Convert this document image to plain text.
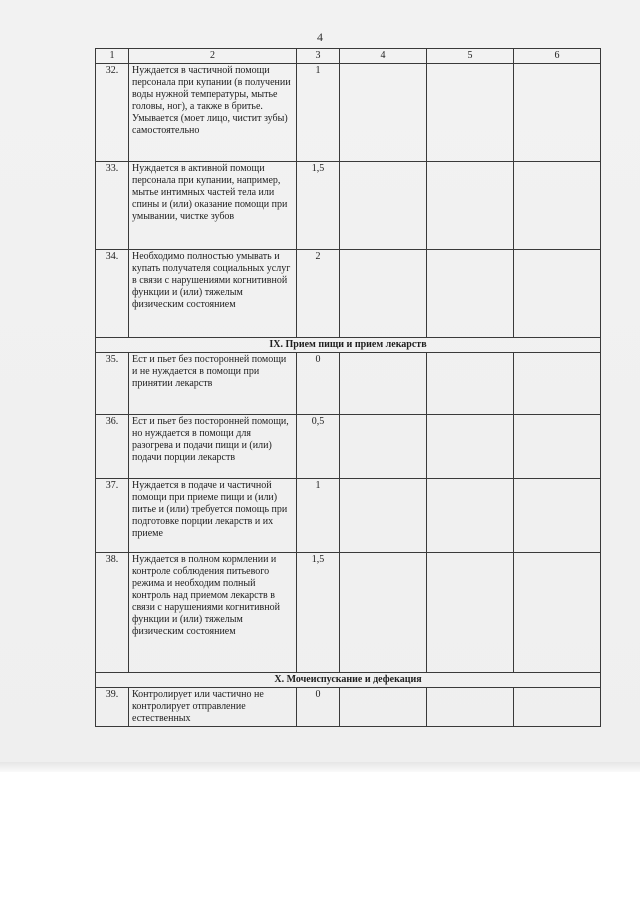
4
1	2	3	4	5	6
32.	Нуждается в частичной помощи персонала при купании (в получении воды нужной температуры, мытье головы, ног), а также в бритье. Умывается (моет лицо, чистит зубы) самостоятельно	1			
33.	Нуждается в активной помощи персонала при купании, например, мытье интимных частей тела или спины и (или) оказание помощи при умывании, чистке зубов	1,5			
34.	Необходимо полностью умывать и купать получателя социальных услуг в связи с нарушениями когнитивной функции и (или) тяжелым физическим состоянием	2			
IX. Прием пищи и прием лекарств					
35.	Ест и пьет без посторонней помощи и не нуждается в помощи при принятии лекарств	0			
36.	Ест и пьет без посторонней помощи, но нуждается в помощи для разогрева и подачи пищи и (или) подачи порции лекарств	0,5			
37.	Нуждается в подаче и частичной помощи при приеме пищи и (или) питье и (или) требуется помощь при подготовке порции лекарств и их приеме	1			
38.	Нуждается в полном кормлении и контроле соблюдения питьевого режима и необходим полный контроль над приемом лекарств в связи с нарушениями когнитивной функции и (или) тяжелым физическим состоянием	1,5			
X. Мочеиспускание и дефекация					
39.	Контролирует или частично не контролирует отправление естественных	0			
